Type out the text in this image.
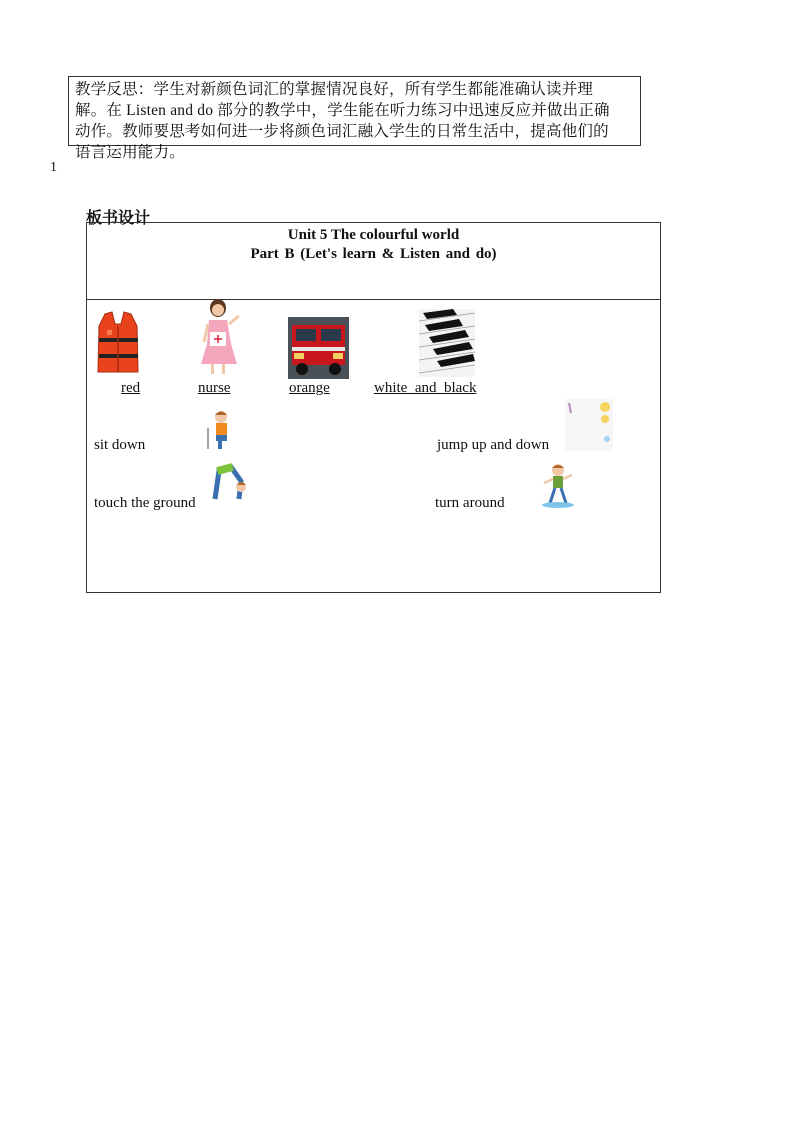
教学反思：学生对新颜色词汇的掌握情况良好，所有学生都能准确认读并理
解。在 Listen and do 部分的教学中，学生能在听力练习中迅速反应并做出正确
动作。教师要思考如何进一步将颜色词汇融入学生的日常生活中，提高他们的
语言运用能力。
1
板书设计
Unit 5 The colourful world
Part B (Let's learn & Listen and do)
red	nurse	orange	white  and  black
sit down	jump up and down
touch the ground	turn around
